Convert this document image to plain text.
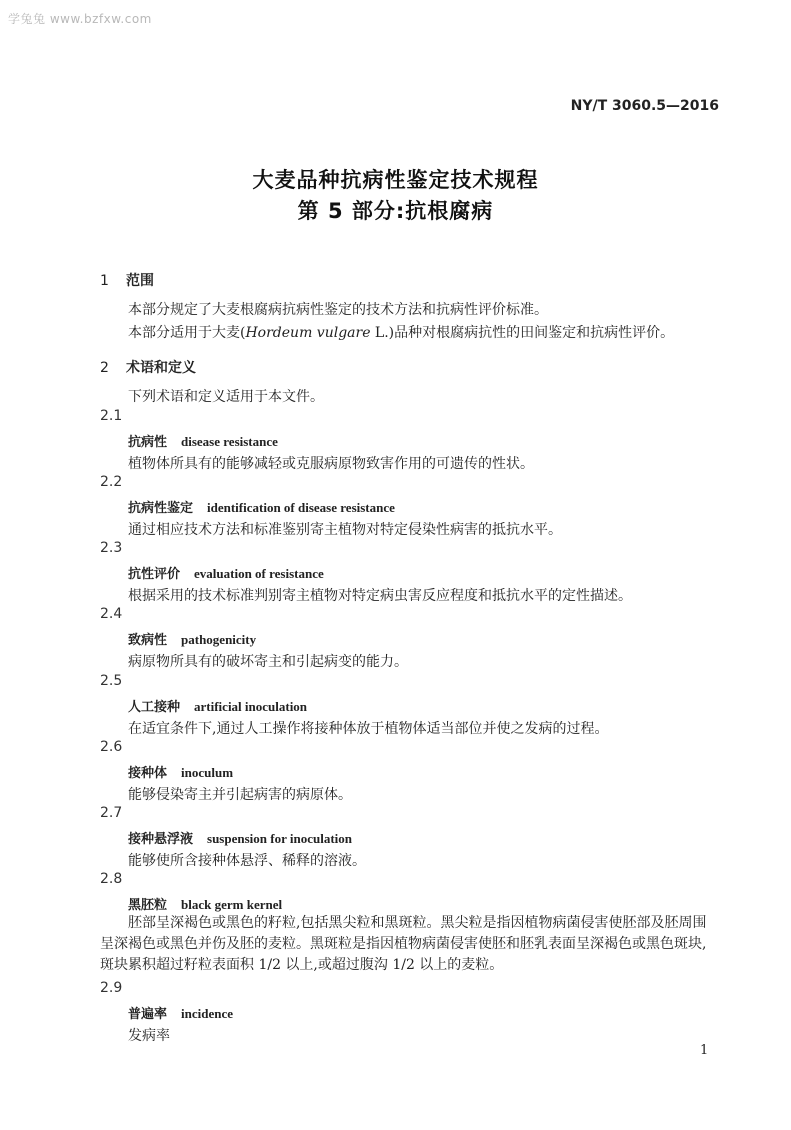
学兔兔 www.bzfxw.com
NY/T 3060.5—2016
大麦品种抗病性鉴定技术规程
第 5 部分:抗根腐病
1 范围
本部分规定了大麦根腐病抗病性鉴定的技术方法和抗病性评价标准。
本部分适用于大麦(Hordeum vulgare L.)品种对根腐病抗性的田间鉴定和抗病性评价。
2 术语和定义
下列术语和定义适用于本文件。
2.1
抗病性 disease resistance
植物体所具有的能够减轻或克服病原物致害作用的可遗传的性状。
2.2
抗病性鉴定 identification of disease resistance
通过相应技术方法和标准鉴别寄主植物对特定侵染性病害的抵抗水平。
2.3
抗性评价 evaluation of resistance
根据采用的技术标准判别寄主植物对特定病虫害反应程度和抵抗水平的定性描述。
2.4
致病性 pathogenicity
病原物所具有的破坏寄主和引起病变的能力。
2.5
人工接种 artificial inoculation
在适宜条件下,通过人工操作将接种体放于植物体适当部位并使之发病的过程。
2.6
接种体 inoculum
能够侵染寄主并引起病害的病原体。
2.7
接种悬浮液 suspension for inoculation
能够使所含接种体悬浮、稀释的溶液。
2.8
黑胚粒 black germ kernel
胚部呈深褐色或黑色的籽粒,包括黑尖粒和黑斑粒。黑尖粒是指因植物病菌侵害使胚部及胚周围
呈深褐色或黑色并伤及胚的麦粒。黑斑粒是指因植物病菌侵害使胚和胚乳表面呈深褐色或黑色斑块,
斑块累积超过籽粒表面积 1/2 以上,或超过腹沟 1/2 以上的麦粒。
2.9
普遍率 incidence
发病率
1
